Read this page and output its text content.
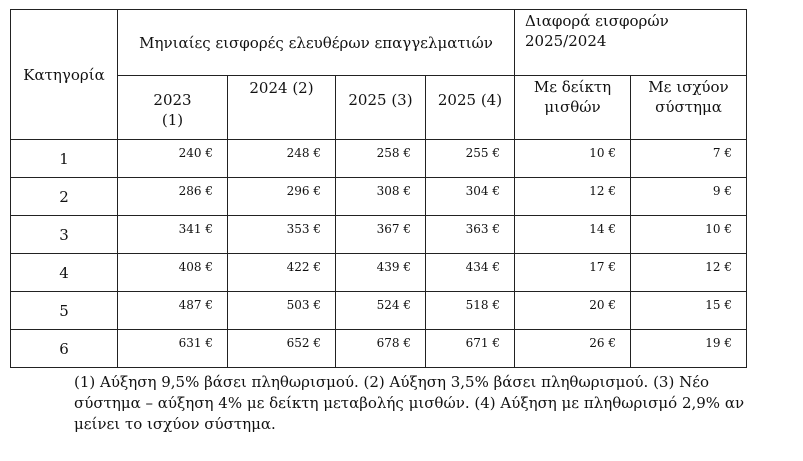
Κατηγορία	Μηνιαίες εισφορές ελευθέρων επαγγελματιών				Διαφορά εισφορών 2025/2024	
	2023 (1)	2024 (2)	2025 (3)	2025 (4)	Με δείκτη μισθών	Με ισχύον σύστημα
1	240 €	248 €	258 €	255 €	10 €	7 €
2	286 €	296 €	308 €	304 €	12 €	9 €
3	341 €	353 €	367 €	363 €	14 €	10 €
4	408 €	422 €	439 €	434 €	17 €	12 €
5	487 €	503 €	524 €	518 €	20 €	15 €
6	631 €	652 €	678 €	671 €	26 €	19 €

(1) Αύξηση 9,5% βάσει πληθωρισμού. (2) Αύξηση 3,5% βάσει πληθωρισμού. (3) Νέο σύστημα – αύξηση 4% με δείκτη μεταβολής μισθών. (4) Αύξηση με πληθωρισμό 2,9% αν μείνει το ισχύον σύστημα.
